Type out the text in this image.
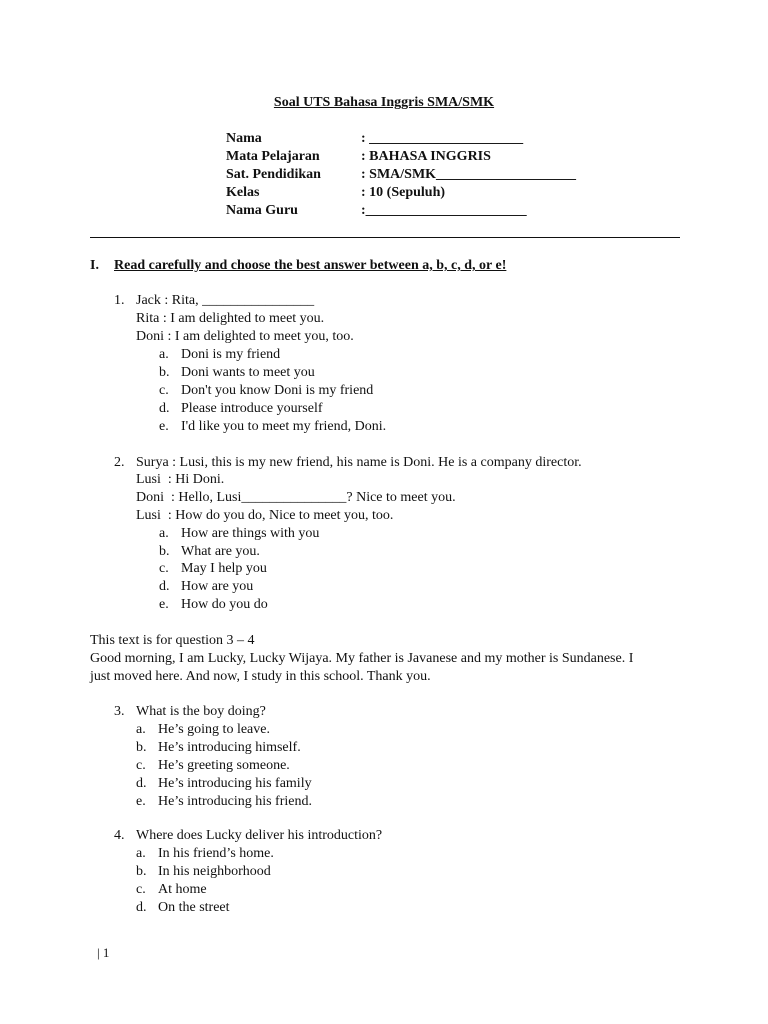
Soal UTS Bahasa Inggris SMA/SMK
Nama	: ______________________
Mata Pelajaran	: BAHASA INGGRIS
Sat. Pendidikan	: SMA/SMK____________________
Kelas	: 10 (Sepuluh)
Nama Guru	:_______________________
I. Read carefully and choose the best answer between a, b, c, d, or e!
1. Jack : Rita, ________________
Rita : I am delighted to meet you.
Doni : I am delighted to meet you, too.
a. Doni is my friend
b. Doni wants to meet you
c. Don't you know Doni is my friend
d. Please introduce yourself
e. I'd like you to meet my friend, Doni.
2. Surya : Lusi, this is my new friend, his name is Doni. He is a company director.
Lusi  : Hi Doni.
Doni  : Hello, Lusi_______________? Nice to meet you.
Lusi  : How do you do, Nice to meet you, too.
a. How are things with you
b. What are you.
c. May I help you
d. How are you
e. How do you do
This text is for question 3 – 4
Good morning, I am Lucky, Lucky Wijaya. My father is Javanese and my mother is Sundanese. I
just moved here. And now, I study in this school. Thank you.
3. What is the boy doing?
a. He’s going to leave.
b. He’s introducing himself.
c. He’s greeting someone.
d. He’s introducing his family
e. He’s introducing his friend.
4. Where does Lucky deliver his introduction?
a. In his friend’s home.
b. In his neighborhood
c. At home
d. On the street
| 1
